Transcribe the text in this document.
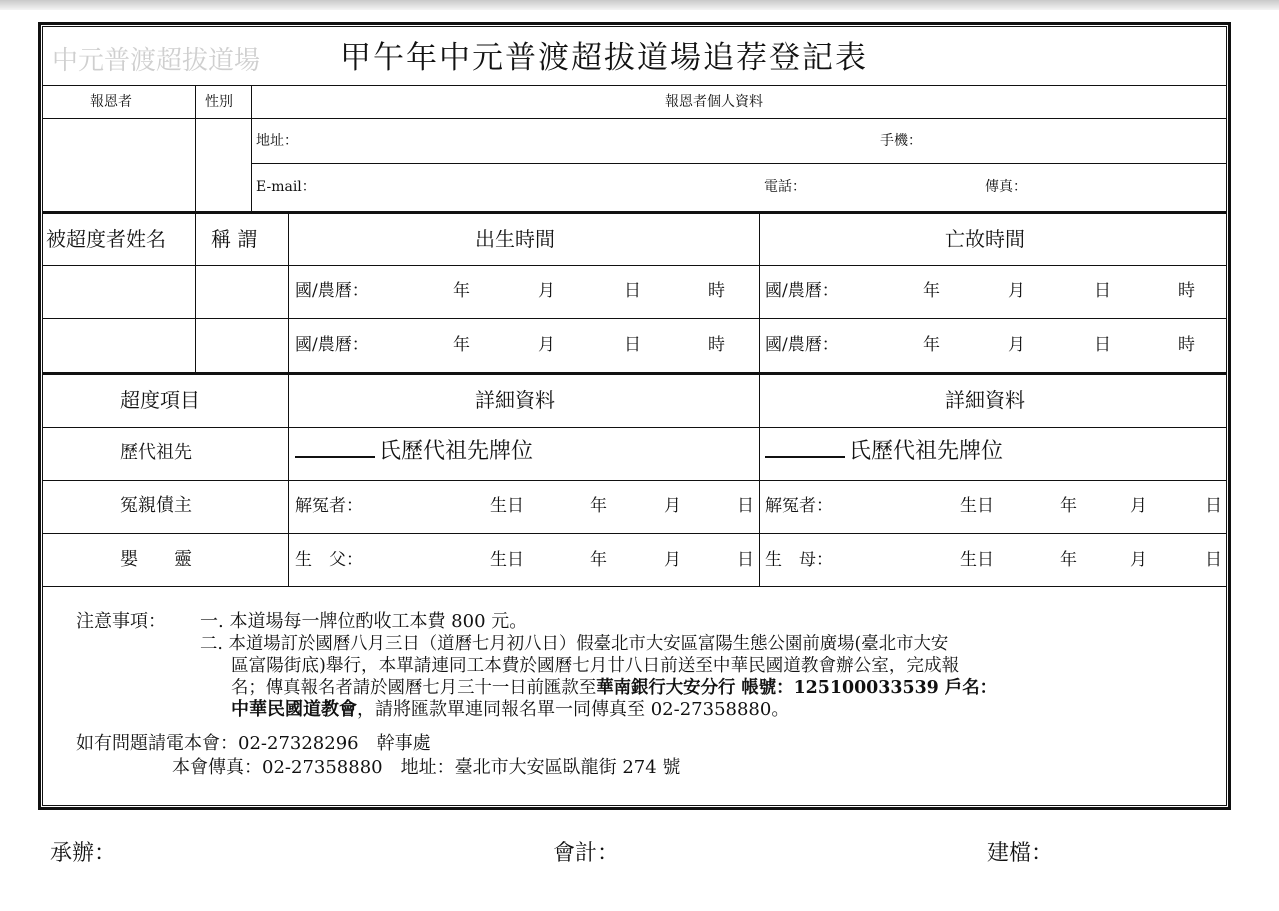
中元普渡超拔道場	甲午年中元普渡超拔道場追荐登記表
報恩者	性別	報恩者個人資料
地址：	手機：
E-mail：	電話：	傳真：
被超度者姓名 稱 謂	出生時間	亡故時間
國/農曆：	年	月	日	時 國/農曆：	年	月	日	時
國/農曆：	年	月	日	時 國/農曆：	年	月	日	時
超度項目	詳細資料	詳細資料
歷代祖先	氏歷代祖先牌位	氏歷代祖先牌位
冤親債主	解冤者：	生日	年	月	日 解冤者：	生日	年	月	日
嬰　　靈	生　父：	生日	年	月	日 生　母：	生日	年	月	日
注意事項： 一. 本道場每一牌位酌收工本費 800 元。
二. 本道場訂於國曆八月三日（道曆七月初八日）假臺北市大安區富陽生態公園前廣場(臺北市大安
區富陽街底)舉行，本單請連同工本費於國曆七月廿八日前送至中華民國道教會辦公室，完成報
名；傳真報名者請於國曆七月三十一日前匯款至華南銀行大安分行 帳號：125100033539 戶名：
中華民國道教會，請將匯款單連同報名單一同傳真至 02-27358880。
如有問題請電本會：02-27328296　幹事處
本會傳真：02-27358880　地址：臺北市大安區臥龍街 274 號
承辦：	會計：	建檔：
